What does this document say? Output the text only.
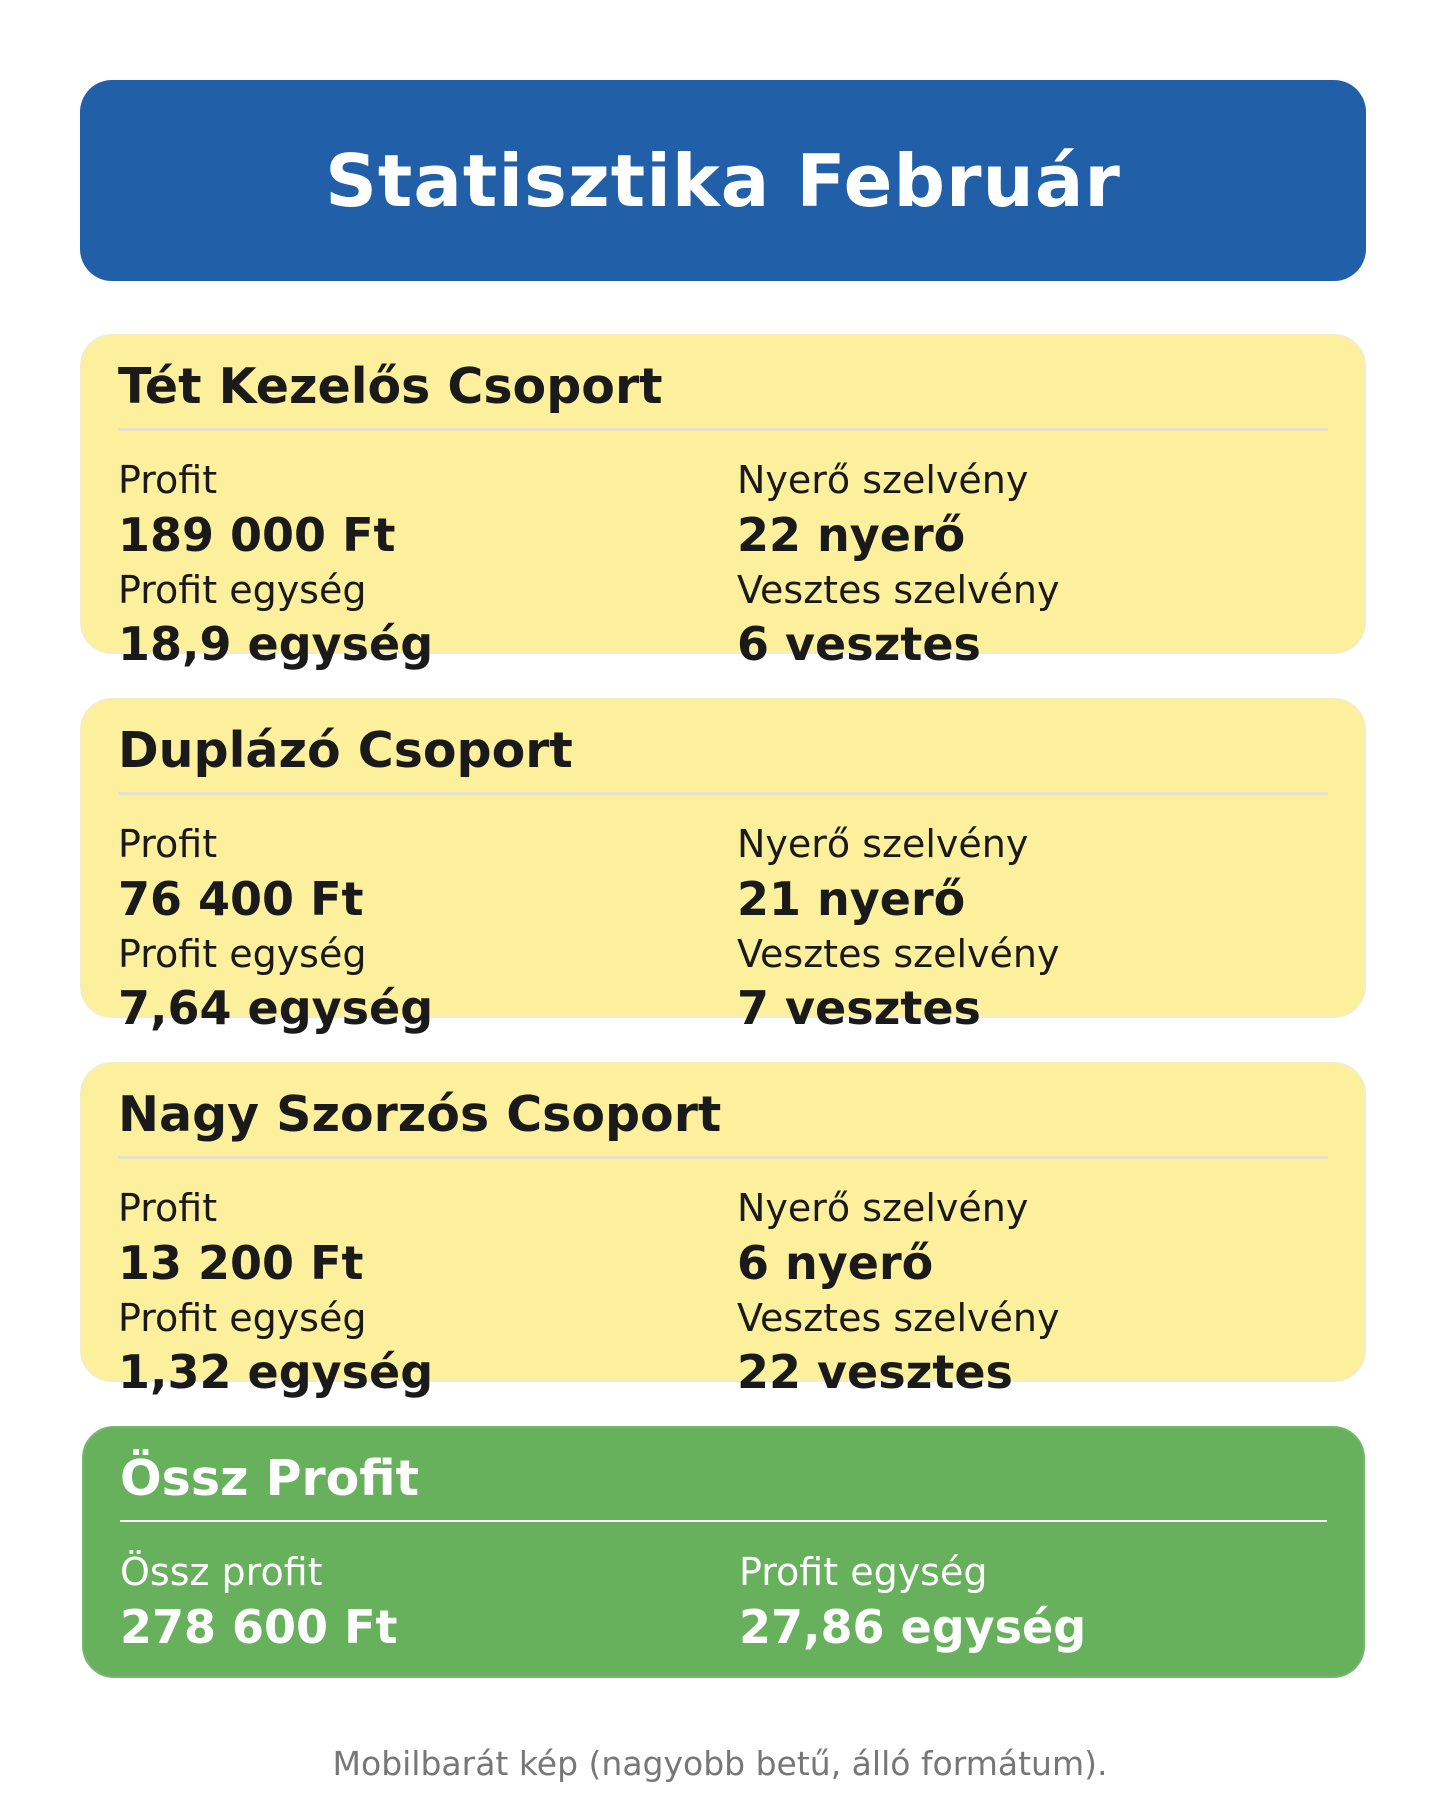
Statisztika Február
Tét Kezelős Csoport
Profit
189 000 Ft
Profit egység
18,9 egység
Nyerő szelvény
22 nyerő
Vesztes szelvény
6 vesztes
Duplázó Csoport
Profit
76 400 Ft
Profit egység
7,64 egység
Nyerő szelvény
21 nyerő
Vesztes szelvény
7 vesztes
Nagy Szorzós Csoport
Profit
13 200 Ft
Profit egység
1,32 egység
Nyerő szelvény
6 nyerő
Vesztes szelvény
22 vesztes
Össz Profit
Össz profit
278 600 Ft
Profit egység
27,86 egység
Mobilbarát kép (nagyobb betű, álló formátum).
